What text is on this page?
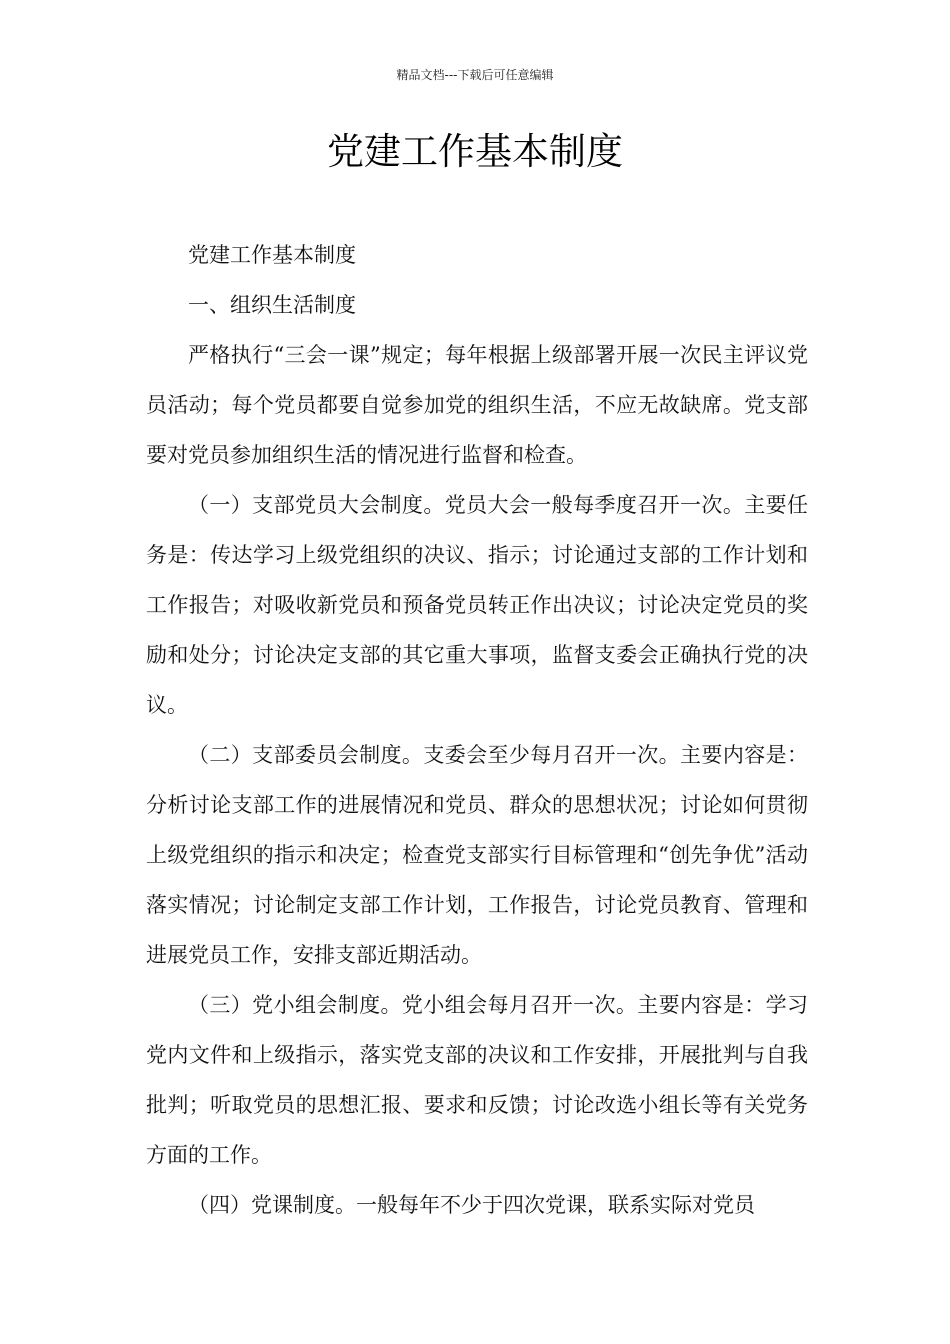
精品文档---下载后可任意编辑
党建工作基本制度

党建工作基本制度

一、组织生活制度

严格执行“三会一课”规定；每年根据上级部署开展一次民主评议党员活动；每个党员都要自觉参加党的组织生活，不应无故缺席。党支部要对党员参加组织生活的情况进行监督和检查。

（一）支部党员大会制度。党员大会一般每季度召开一次。主要任务是：传达学习上级党组织的决议、指示；讨论通过支部的工作计划和工作报告；对吸收新党员和预备党员转正作出决议；讨论决定党员的奖励和处分；讨论决定支部的其它重大事项，监督支委会正确执行党的决议。

（二）支部委员会制度。支委会至少每月召开一次。主要内容是：分析讨论支部工作的进展情况和党员、群众的思想状况；讨论如何贯彻上级党组织的指示和决定；检查党支部实行目标管理和“创先争优”活动落实情况；讨论制定支部工作计划，工作报告，讨论党员教育、管理和进展党员工作，安排支部近期活动。

（三）党小组会制度。党小组会每月召开一次。主要内容是：学习党内文件和上级指示，落实党支部的决议和工作安排，开展批判与自我批判；听取党员的思想汇报、要求和反馈；讨论改选小组长等有关党务方面的工作。

（四）党课制度。一般每年不少于四次党课，联系实际对党员
